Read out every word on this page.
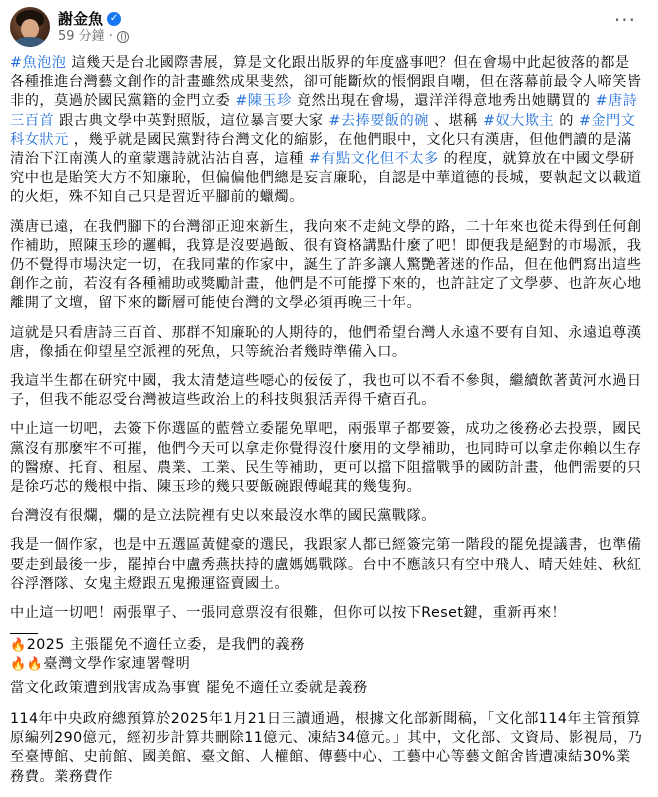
謝金魚 ✓
59 分鐘 ·
···

#魚泡泡 這幾天是台北國際書展，算是文化跟出版界的年度盛事吧？但在會場中此起彼落的都是各種推進台灣藝文創作的計畫雖然成果斐然，卻可能斷炊的悵惘跟自嘲，但在落幕前最令人啼笑皆非的，莫過於國民黨籍的金門立委 #陳玉珍 竟然出現在會場，還洋洋得意地秀出她購買的 #唐詩三百首 跟古典文學中英對照版，這位暴言要大家 #去捧要飯的碗 、堪稱 #奴大欺主 的 #金門文科女狀元 ，幾乎就是國民黨對待台灣文化的縮影，在他們眼中，文化只有漢唐，但他們讀的是滿清治下江南漢人的童蒙選詩就沾沾自喜，這種 #有點文化但不太多 的程度，就算放在中國文學研究中也是貽笑大方不知廉恥，但偏偏他們總是妄言廉恥，自認是中華道德的長城，要執起文以載道的火炬，殊不知自己只是習近平腳前的蠟燭。

漢唐已遠，在我們腳下的台灣卻正迎來新生，我向來不走純文學的路，二十年來也從未得到任何創作補助，照陳玉珍的邏輯，我算是沒要過飯、很有資格講點什麼了吧！即便我是絕對的市場派，我仍不覺得市場決定一切，在我同輩的作家中，誕生了許多讓人驚艷著迷的作品，但在他們寫出這些創作之前，若沒有各種補助或獎勵計畫，他們是不可能撐下來的，也許註定了文學夢、也許灰心地離開了文壇，留下來的斷層可能使台灣的文學必須再晚三十年。

這就是只看唐詩三百首、那群不知廉恥的人期待的，他們希望台灣人永遠不要有自知、永遠追尊漢唐，像插在仰望星空派裡的死魚，只等統治者幾時準備入口。

我這半生都在研究中國，我太清楚這些噁心的佞佞了，我也可以不看不參與，繼續飲著黃河水過日子，但我不能忍受台灣被這些政治上的科技與狠活弄得千瘡百孔。

中止這一切吧，去簽下你選區的藍營立委罷免單吧，兩張單子都要簽，成功之後務必去投票，國民黨沒有那麼牢不可摧，他們今天可以拿走你覺得沒什麼用的文學補助，也同時可以拿走你賴以生存的醫療、托育、租屋、農業、工業、民生等補助，更可以擋下阻擋戰爭的國防計畫，他們需要的只是徐巧芯的幾根中指、陳玉珍的幾只要飯碗跟傅崐萁的幾隻狗。

台灣沒有很爛，爛的是立法院裡有史以來最沒水準的國民黨戰隊。

我是一個作家，也是中五選區黃健豪的選民，我跟家人都已經簽完第一階段的罷免提議書，也準備要走到最後一步，罷掉台中盧秀燕扶持的盧媽媽戰隊。台中不應該只有空中飛人、晴天娃娃、秋紅谷浮潛隊、女鬼主燈跟五鬼搬運盜賣國土。

中止這一切吧！兩張單子、一張同意票沒有很難，但你可以按下Reset鍵，重新再來！

🔥2025 主張罷免不適任立委，是我們的義務

🔥🔥臺灣文學作家連署聲明

當文化政策遭到戕害成為事實 罷免不適任立委就是義務

114年中央政府總預算於2025年1月21日三讀通過，根據文化部新聞稿，「文化部114年主管預算原編列290億元，經初步計算共刪除11億元、凍結34億元。」其中，文化部、文資局、影視局，乃至臺博館、史前館、國美館、臺文館、人權館、傳藝中心、工藝中心等藝文館舍皆遭凍結30%業務費。業務費作
